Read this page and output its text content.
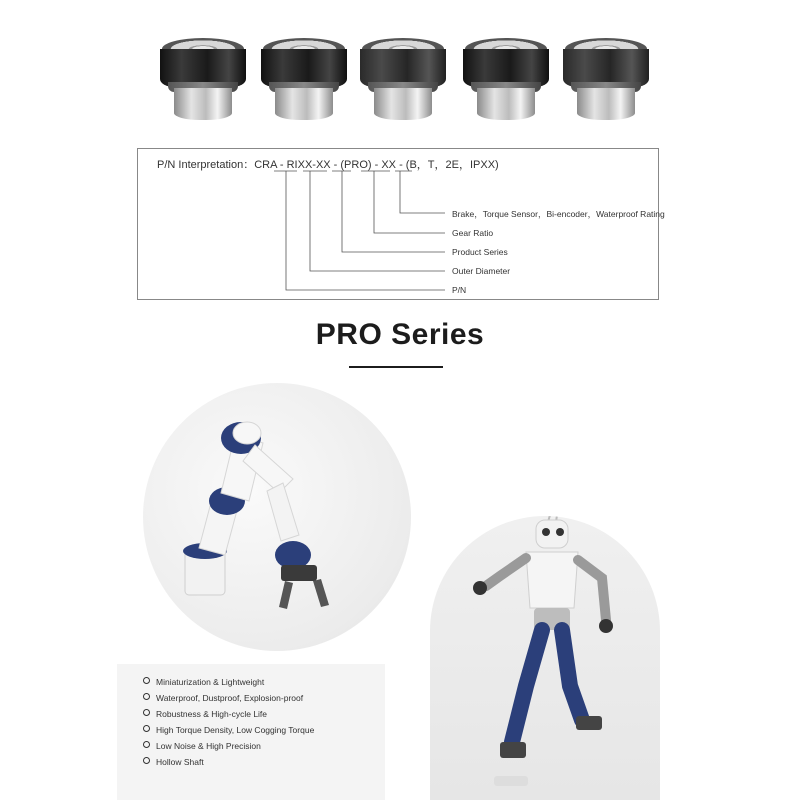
P/N Interpretation：CRA - RIXX-XX - (PRO) - XX - (B，T，2E，IPXX)
Brake，Torque Sensor，Bi-encoder，Waterproof Rating
Gear Ratio
Product Series
Outer Diameter
P/N
PRO Series
Miniaturization & Lightweight
Waterproof, Dustproof, Explosion-proof
Robustness & High-cycle Life
High Torque Density, Low Cogging Torque
Low Noise & High Precision
Hollow Shaft
